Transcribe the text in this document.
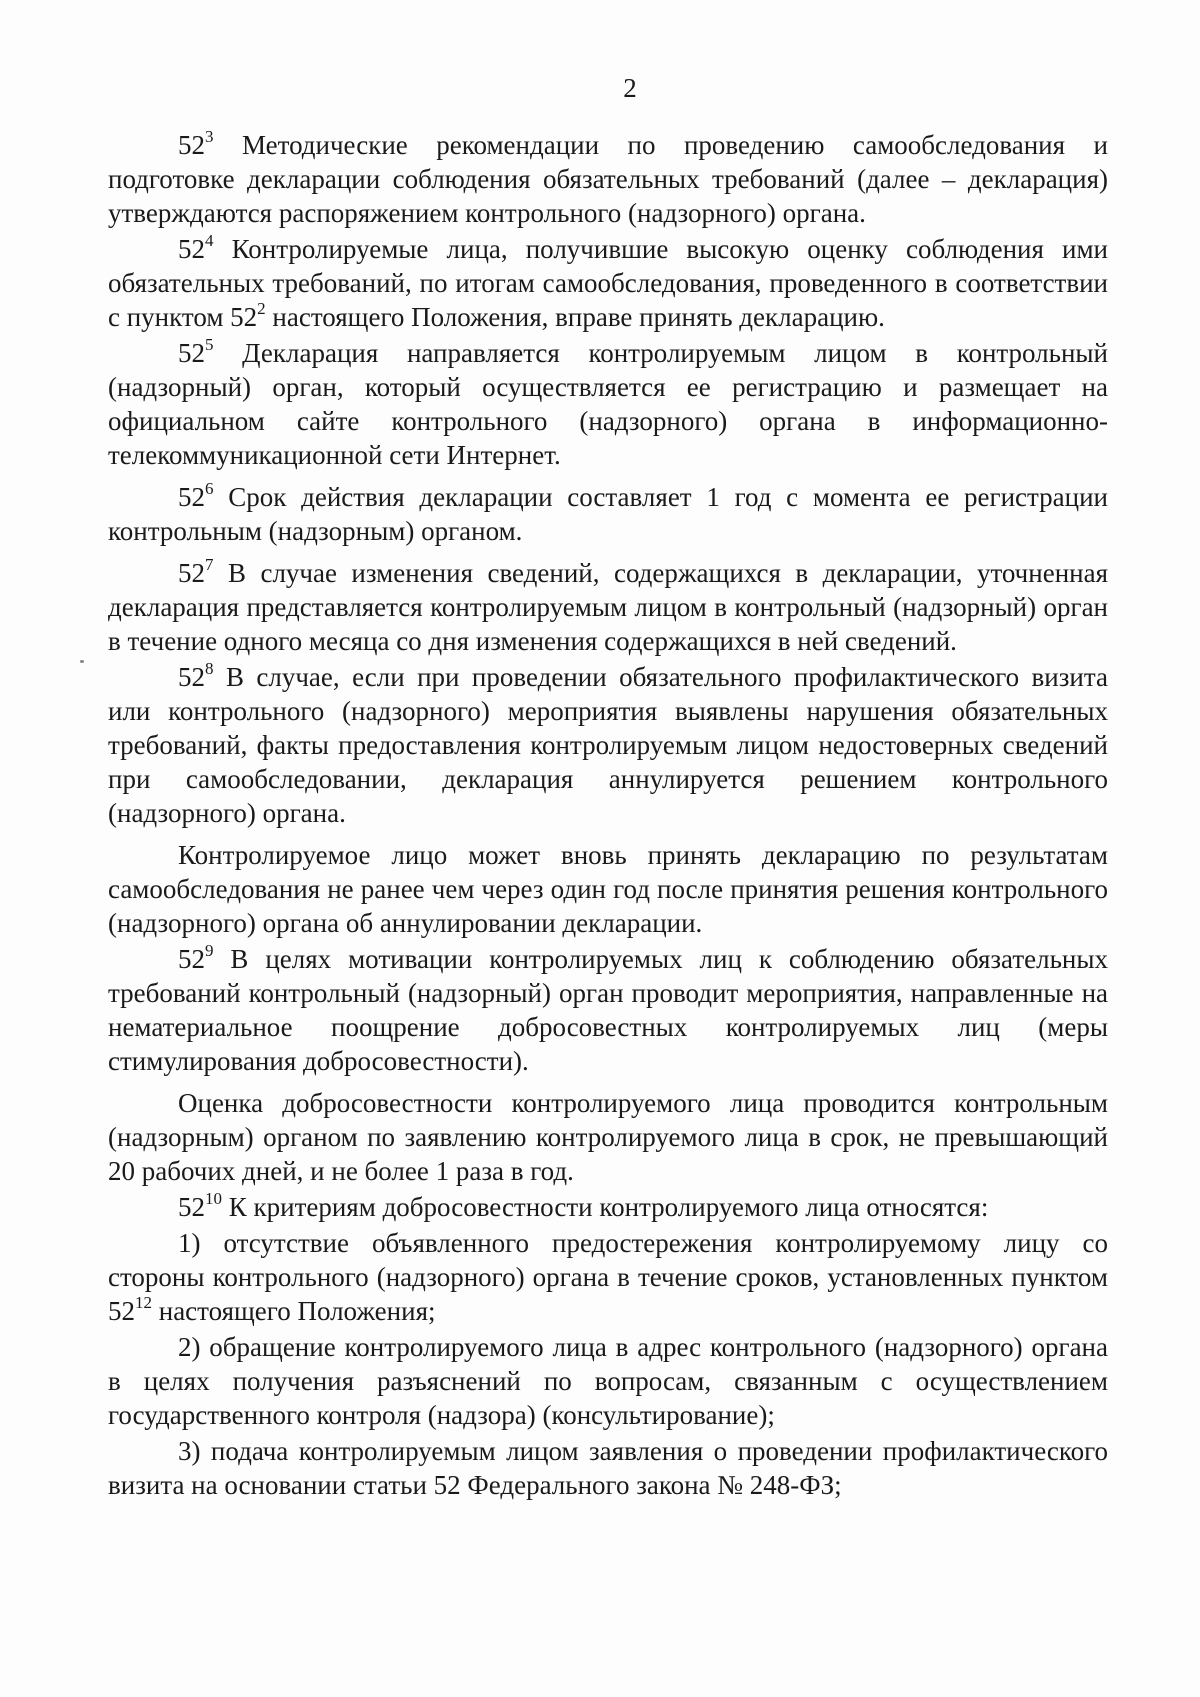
2

$52^3$ Методические рекомендации по проведению самообследования и подготовке декларации соблюдения обязательных требований (далее – декларация) утверждаются распоряжением контрольного (надзорного) органа.

$52^4$ Контролируемые лица, получившие высокую оценку соблюдения ими обязательных требований, по итогам самообследования, проведенного в соответствии с пунктом $52^2$ настоящего Положения, вправе принять декларацию.

$52^5$ Декларация направляется контролируемым лицом в контрольный (надзорный) орган, который осуществляется ее регистрацию и размещает на официальном сайте контрольного (надзорного) органа в информационно-телекоммуникационной сети Интернет.

$52^6$ Срок действия декларации составляет 1 год с момента ее регистрации контрольным (надзорным) органом.

$52^7$ В случае изменения сведений, содержащихся в декларации, уточненная декларация представляется контролируемым лицом в контрольный (надзорный) орган в течение одного месяца со дня изменения содержащихся в ней сведений.

$52^8$ В случае, если при проведении обязательного профилактического визита или контрольного (надзорного) мероприятия выявлены нарушения обязательных требований, факты предоставления контролируемым лицом недостоверных сведений при самообследовании, декларация аннулируется решением контрольного (надзорного) органа.

Контролируемое лицо может вновь принять декларацию по результатам самообследования не ранее чем через один год после принятия решения контрольного (надзорного) органа об аннулировании декларации.

$52^9$ В целях мотивации контролируемых лиц к соблюдению обязательных требований контрольный (надзорный) орган проводит мероприятия, направленные на нематериальное поощрение добросовестных контролируемых лиц (меры стимулирования добросовестности).

Оценка добросовестности контролируемого лица проводится контрольным (надзорным) органом по заявлению контролируемого лица в срок, не превышающий 20 рабочих дней, и не более 1 раза в год.

$52^{10}$ К критериям добросовестности контролируемого лица относятся:

1) отсутствие объявленного предостережения контролируемому лицу со стороны контрольного (надзорного) органа в течение сроков, установленных пунктом $52^{12}$ настоящего Положения;

2) обращение контролируемого лица в адрес контрольного (надзорного) органа в целях получения разъяснений по вопросам, связанным с осуществлением государственного контроля (надзора) (консультирование);

3) подача контролируемым лицом заявления о проведении профилактического визита на основании статьи 52 Федерального закона № 248-ФЗ;
